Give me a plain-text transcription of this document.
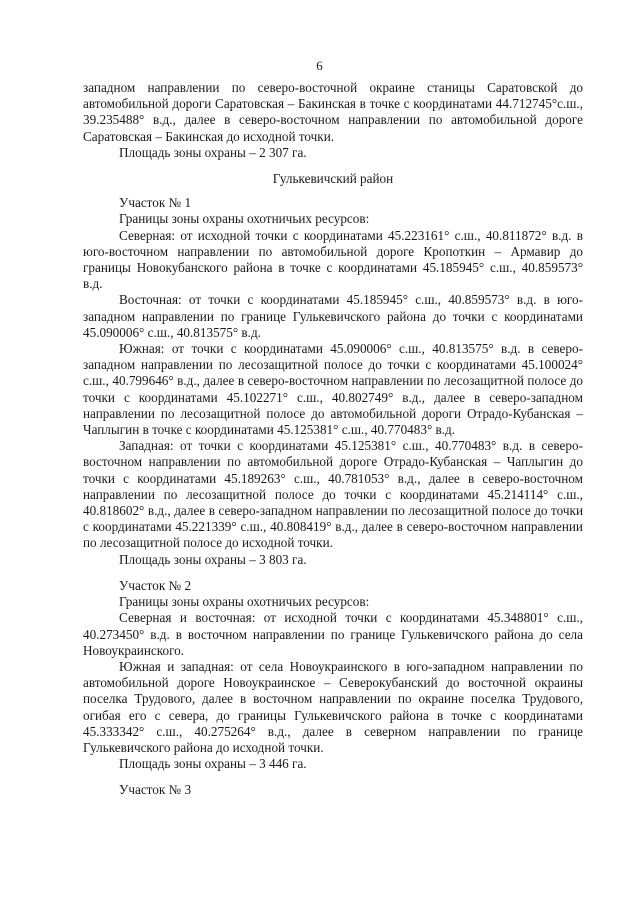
6

западном направлении по северо-восточной окраине станицы Саратовской до автомобильной дороги Саратовская – Бакинская в точке с координатами 44.712745°с.ш., 39.235488° в.д., далее в северо-восточном направлении по автомобильной дороге Саратовская – Бакинская до исходной точки.

Площадь зоны охраны – 2 307 га.

Гулькевичский район

Участок № 1

Границы зоны охраны охотничьих ресурсов:

Северная: от исходной точки с координатами 45.223161° с.ш., 40.811872° в.д. в юго-восточном направлении по автомобильной дороге Кропоткин – Армавир до границы Новокубанского района в точке с координатами 45.185945° с.ш., 40.859573° в.д.

Восточная: от точки с координатами 45.185945° с.ш., 40.859573° в.д. в юго-западном направлении по границе Гулькевичского района до точки с координатами 45.090006° с.ш., 40.813575° в.д.

Южная: от точки с координатами 45.090006° с.ш., 40.813575° в.д. в северо-западном направлении по лесозащитной полосе до точки с координатами 45.100024° с.ш., 40.799646° в.д., далее в северо-восточном направлении по лесозащитной полосе до точки с координатами 45.102271° с.ш., 40.802749° в.д., далее в северо-западном направлении по лесозащитной полосе до автомобильной дороги Отрадо-Кубанская – Чаплыгин в точке с координатами 45.125381° с.ш., 40.770483° в.д.

Западная: от точки с координатами 45.125381° с.ш., 40.770483° в.д. в северо-восточном направлении по автомобильной дороге Отрадо-Кубанская – Чаплыгин до точки с координатами 45.189263° с.ш., 40.781053° в.д., далее в северо-восточном направлении по лесозащитной полосе до точки с координатами 45.214114° с.ш., 40.818602° в.д., далее в северо-западном направлении по лесозащитной полосе до точки с координатами 45.221339° с.ш., 40.808419° в.д., далее в северо-восточном направлении по лесозащитной полосе до исходной точки.

Площадь зоны охраны – 3 803 га.

Участок № 2

Границы зоны охраны охотничьих ресурсов:

Северная и восточная: от исходной точки с координатами 45.348801° с.ш., 40.273450° в.д. в восточном направлении по границе Гулькевичского района до села Новоукраинского.

Южная и западная: от села Новоукраинского в юго-западном направлении по автомобильной дороге Новоукраинское – Северокубанский до восточной окраины поселка Трудового, далее в восточном направлении по окраине поселка Трудового, огибая его с севера, до границы Гулькевичского района в точке с координатами 45.333342° с.ш., 40.275264° в.д., далее в северном направлении по границе Гулькевичского района до исходной точки.

Площадь зоны охраны – 3 446 га.

Участок № 3
